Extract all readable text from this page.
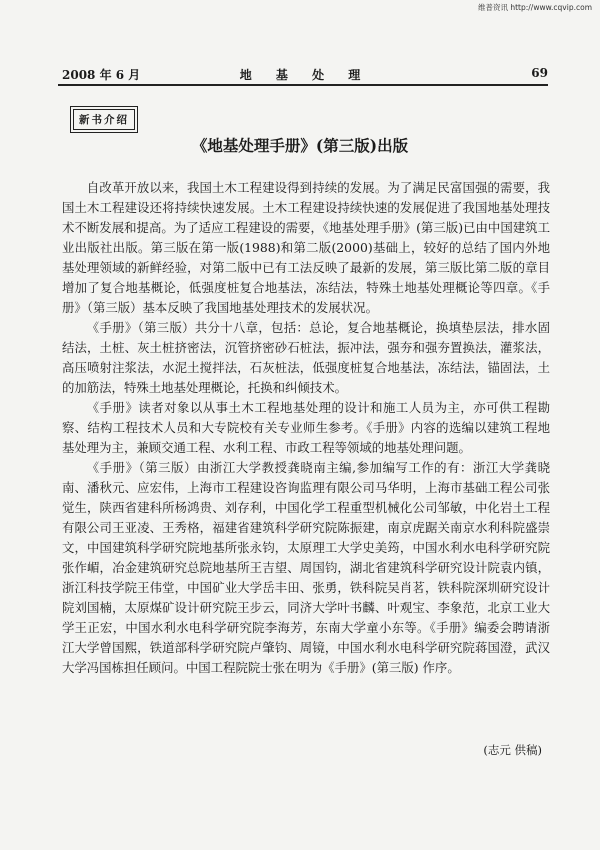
维普资讯 http://www.cqvip.com
2008 年 6 月	地 基 处 理	69
新书介绍
《地基处理手册》(第三版)出版

自改革开放以来，我国土木工程建设得到持续的发展。为了满足民富国强的需要，我国土木工程建设还将持续快速发展。土木工程建设持续快速的发展促进了我国地基处理技术不断发展和提高。为了适应工程建设的需要，《地基处理手册》(第三版)已由中国建筑工业出版社出版。第三版在第一版(1988)和第二版(2000)基础上，较好的总结了国内外地基处理领域的新鲜经验，对第二版中已有工法反映了最新的发展，第三版比第二版的章目增加了复合地基概论，低强度桩复合地基法，冻结法，特殊土地基处理概论等四章。《手册》（第三版）基本反映了我国地基处理技术的发展状况。

《手册》（第三版）共分十八章，包括：总论，复合地基概论，换填垫层法，排水固结法，土桩、灰土桩挤密法，沉管挤密砂石桩法，振冲法，强夯和强夯置换法，灌浆法，高压喷射注浆法，水泥土搅拌法，石灰桩法，低强度桩复合地基法，冻结法，锚固法，土的加筋法，特殊土地基处理概论，托换和纠倾技术。

《手册》读者对象以从事土木工程地基处理的设计和施工人员为主，亦可供工程勘察、结构工程技术人员和大专院校有关专业师生参考。《手册》内容的选编以建筑工程地基处理为主，兼顾交通工程、水利工程、市政工程等领域的地基处理问题。

《手册》（第三版）由浙江大学教授龚晓南主编,参加编写工作的有：浙江大学龚晓南、潘秋元、应宏伟，上海市工程建设咨询监理有限公司马华明，上海市基础工程公司张觉生，陕西省建科所杨鸿贵、刘存利，中国化学工程重型机械化公司邹敏，中化岩土工程有限公司王亚凌、王秀格，福建省建筑科学研究院陈振建，南京虎踞关南京水利科院盛崇文，中国建筑科学研究院地基所张永钧，太原理工大学史美筠，中国水利水电科学研究院张作嵋，冶金建筑研究总院地基所王吉望、周国钧，湖北省建筑科学研究设计院袁内镇，浙江科技学院王伟堂，中国矿业大学岳丰田、张勇，铁科院吴肖茗，铁科院深圳研究设计院刘国楠，太原煤矿设计研究院王步云，同济大学叶书麟、叶观宝、李象范，北京工业大学王正宏，中国水利水电科学研究院李海芳，东南大学童小东等。《手册》编委会聘请浙江大学曾国熙，铁道部科学研究院卢肇钧、周镜，中国水利水电科学研究院蒋国澄，武汉大学冯国栋担任顾问。中国工程院院士张在明为《手册》(第三版) 作序。

(志元 供稿)
